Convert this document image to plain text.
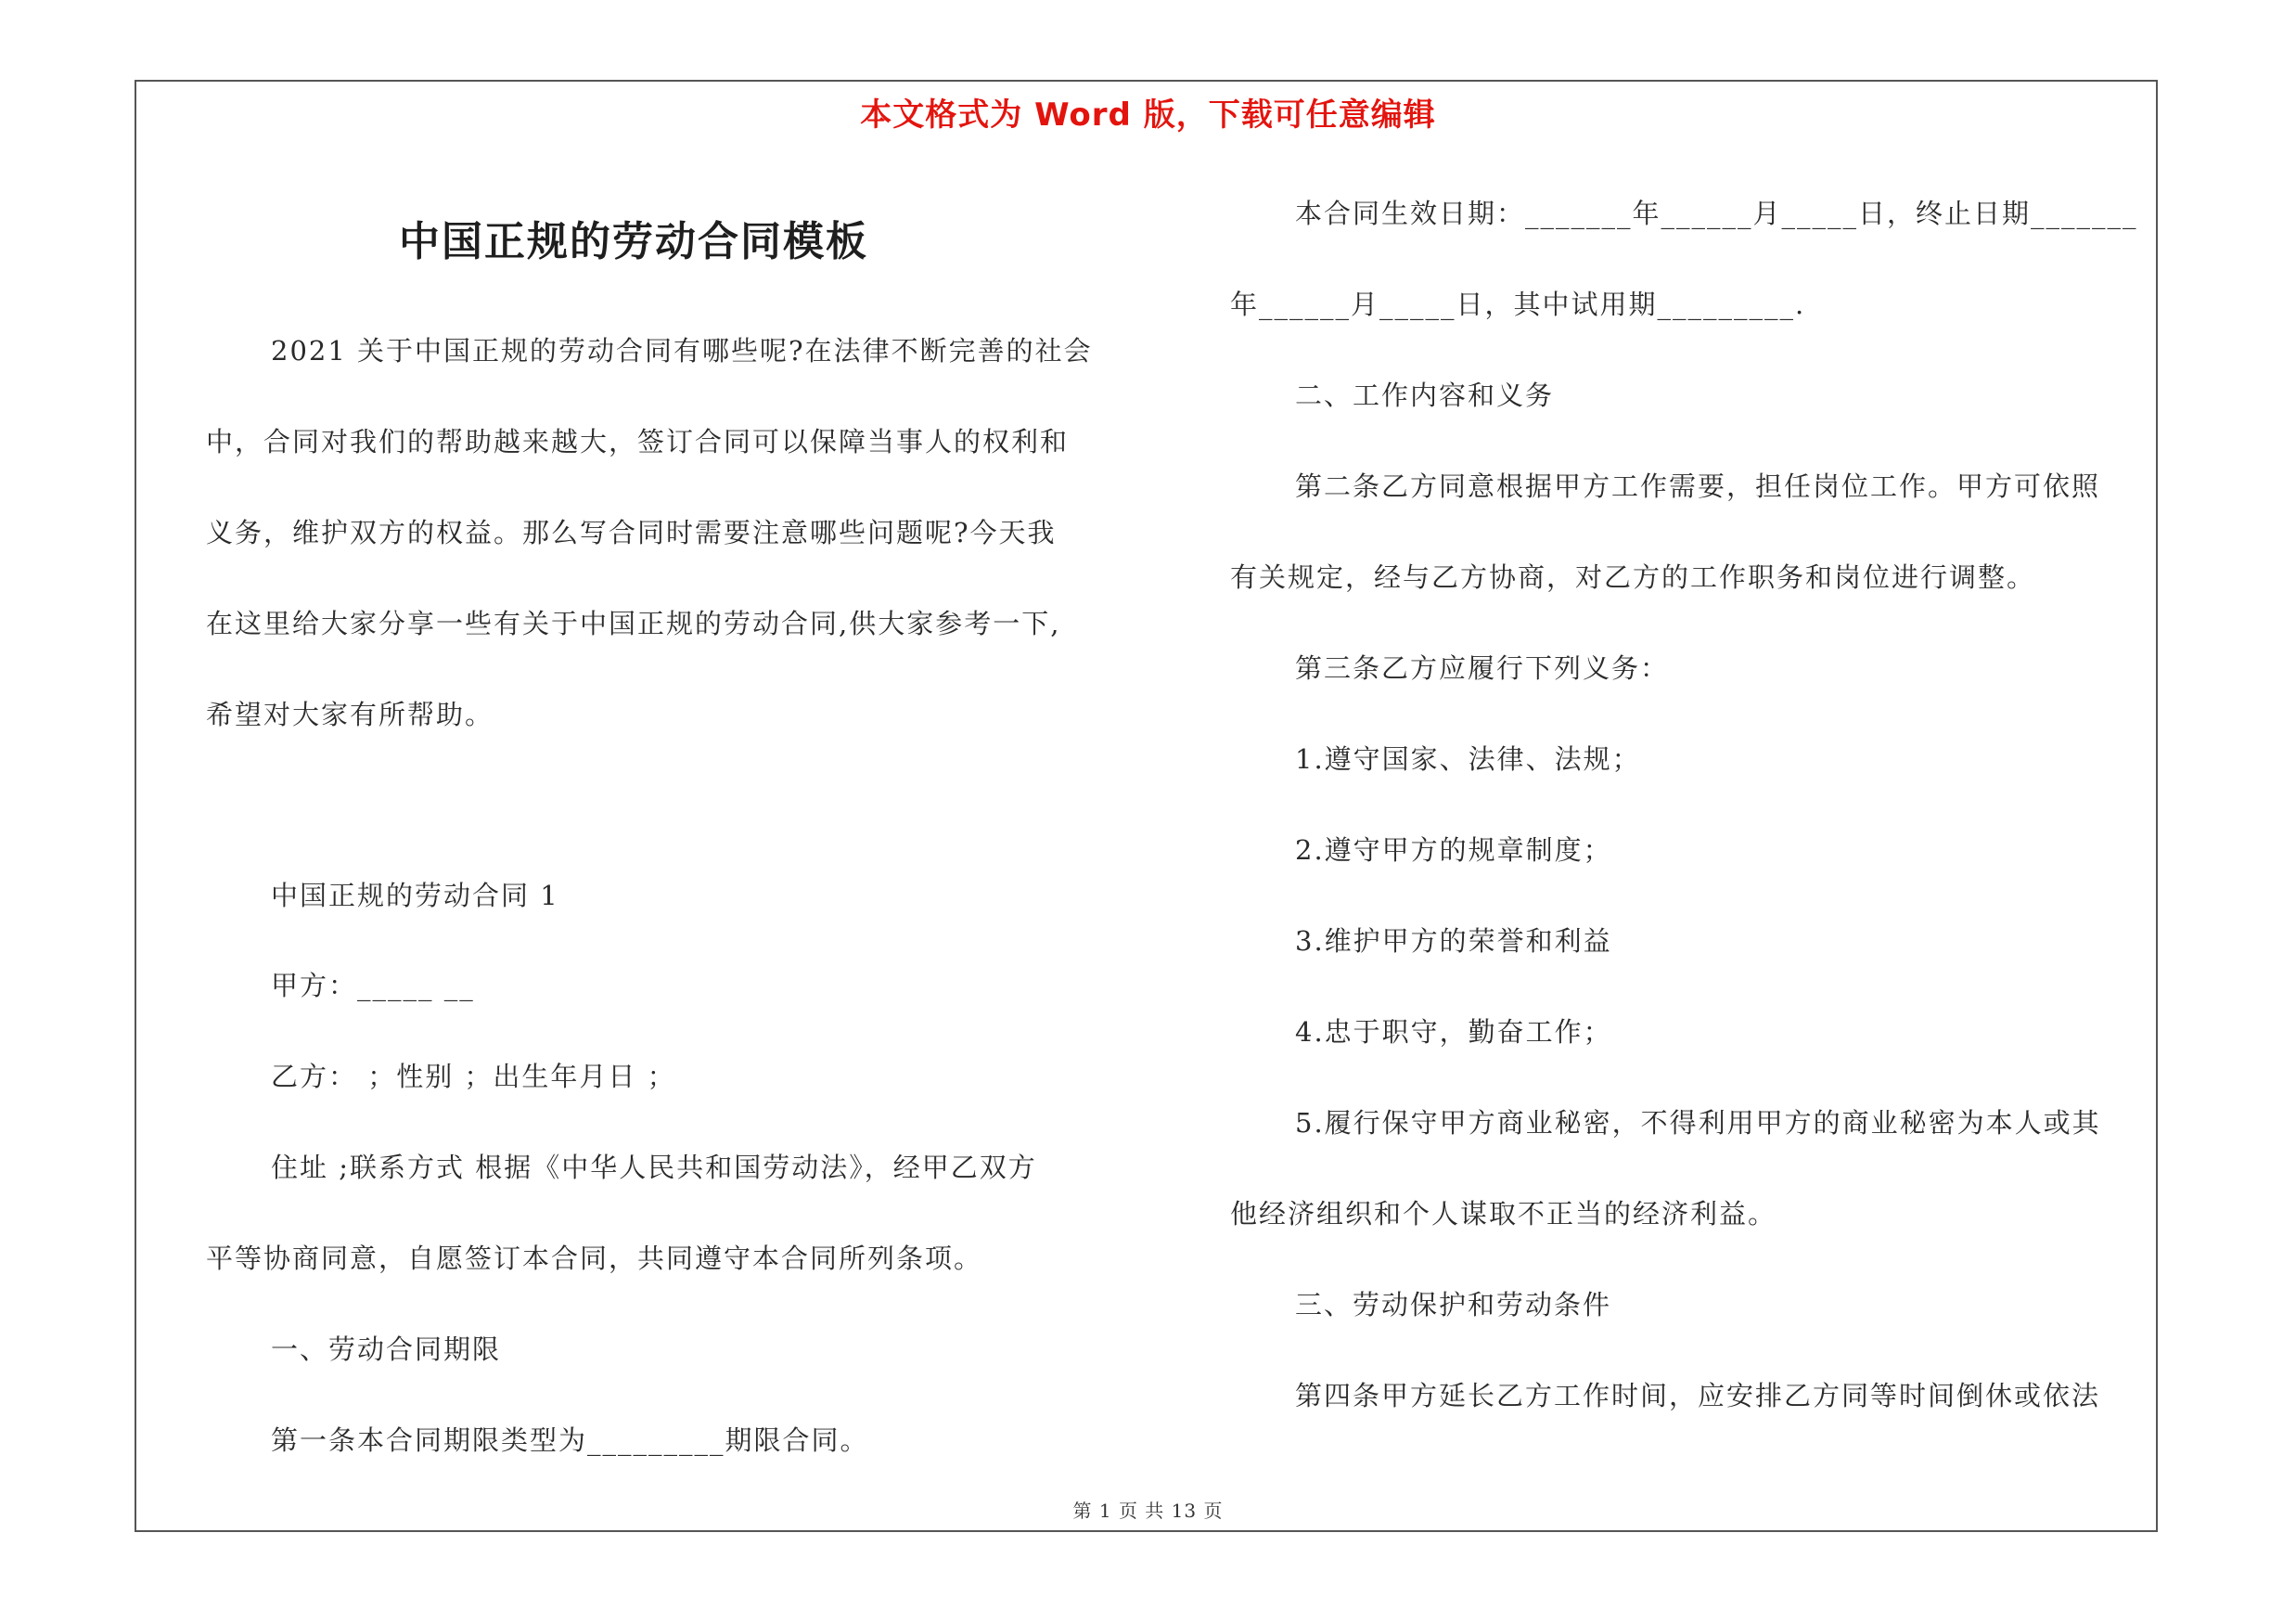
本文格式为 Word 版，下载可任意编辑
中国正规的劳动合同模板

2021 关于中国正规的劳动合同有哪些呢?在法律不断完善的社会

中，合同对我们的帮助越来越大，签订合同可以保障当事人的权利和

义务，维护双方的权益。那么写合同时需要注意哪些问题呢?今天我

在这里给大家分享一些有关于中国正规的劳动合同,供大家参考一下,

希望对大家有所帮助。

中国正规的劳动合同 1

甲方：_____ __

乙方： ；性别 ；出生年月日 ；

住址 ;联系方式 根据《中华人民共和国劳动法》，经甲乙双方

平等协商同意，自愿签订本合同，共同遵守本合同所列条项。

一、劳动合同期限

第一条本合同期限类型为_________期限合同。

本合同生效日期：_______年______月_____日，终止日期_______

年______月_____日，其中试用期_________.

二、工作内容和义务

第二条乙方同意根据甲方工作需要，担任岗位工作。甲方可依照

有关规定，经与乙方协商，对乙方的工作职务和岗位进行调整。

第三条乙方应履行下列义务：

1.遵守国家、法律、法规；

2.遵守甲方的规章制度；

3.维护甲方的荣誉和利益

4.忠于职守，勤奋工作；

5.履行保守甲方商业秘密，不得利用甲方的商业秘密为本人或其

他经济组织和个人谋取不正当的经济利益。

三、劳动保护和劳动条件

第四条甲方延长乙方工作时间，应安排乙方同等时间倒休或依法

第 1 页 共 13 页
